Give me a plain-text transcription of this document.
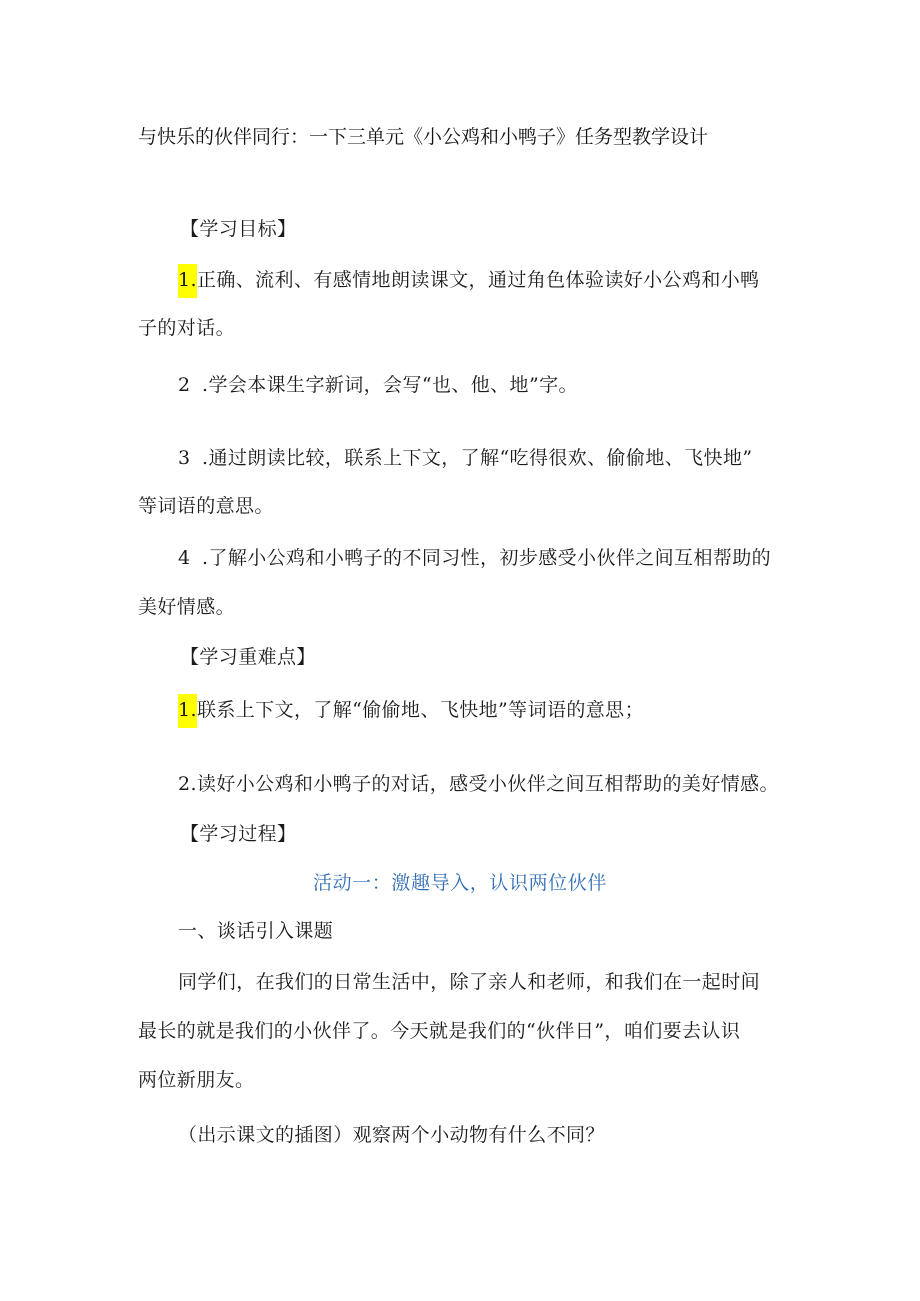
与快乐的伙伴同行：一下三单元《小公鸡和小鸭子》任务型教学设计
【学习目标】
1.正确、流利、有感情地朗读课文，通过角色体验读好小公鸡和小鸭
子的对话。
2 .学会本课生字新词，会写“也、他、地”字。
3 .通过朗读比较，联系上下文，了解“吃得很欢、偷偷地、飞快地”
等词语的意思。
4 .了解小公鸡和小鸭子的不同习性，初步感受小伙伴之间互相帮助的
美好情感。
【学习重难点】
1.联系上下文，了解“偷偷地、飞快地”等词语的意思；
2.读好小公鸡和小鸭子的对话，感受小伙伴之间互相帮助的美好情感。
【学习过程】
活动一：激趣导入，认识两位伙伴
一、谈话引入课题
同学们，在我们的日常生活中，除了亲人和老师，和我们在一起时间
最长的就是我们的小伙伴了。今天就是我们的“伙伴日”，咱们要去认识
两位新朋友。
（出示课文的插图）观察两个小动物有什么不同？
